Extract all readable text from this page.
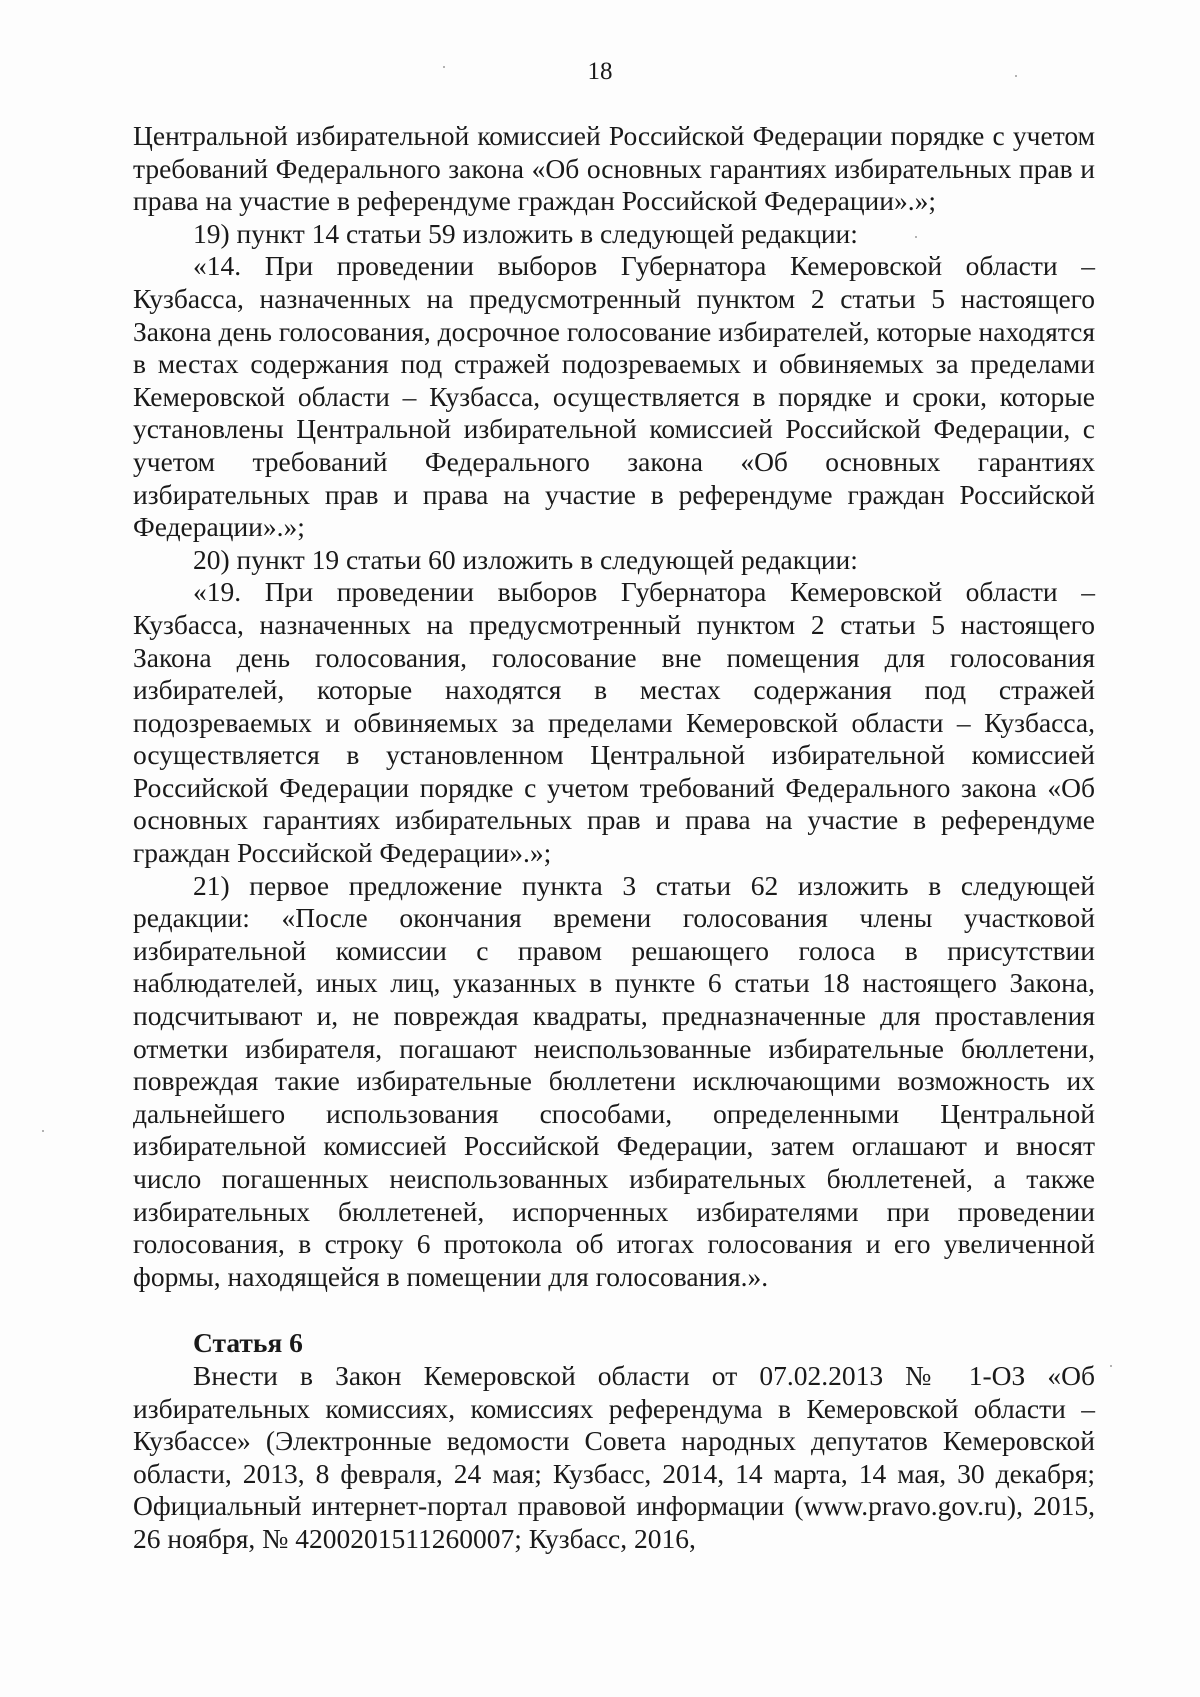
18

Центральной избирательной комиссией Российской Федерации порядке с учетом требований Федерального закона «Об основных гарантиях избирательных прав и права на участие в референдуме граждан Российской Федерации».»;

19) пункт 14 статьи 59 изложить в следующей редакции:

«14. При проведении выборов Губернатора Кемеровской области – Кузбасса, назначенных на предусмотренный пунктом 2 статьи 5 настоящего Закона день голосования, досрочное голосование избирателей, которые находятся в местах содержания под стражей подозреваемых и обвиняемых за пределами Кемеровской области – Кузбасса, осуществляется в порядке и сроки, которые установлены Центральной избирательной комиссией Российской Федерации, с учетом требований Федерального закона «Об основных гарантиях избирательных прав и права на участие в референдуме граждан Российской Федерации».»;

20) пункт 19 статьи 60 изложить в следующей редакции:

«19. При проведении выборов Губернатора Кемеровской области – Кузбасса, назначенных на предусмотренный пунктом 2 статьи 5 настоящего Закона день голосования, голосование вне помещения для голосования избирателей, которые находятся в местах содержания под стражей подозреваемых и обвиняемых за пределами Кемеровской области – Кузбасса, осуществляется в установленном Центральной избирательной комиссией Российской Федерации порядке с учетом требований Федерального закона «Об основных гарантиях избирательных прав и права на участие в референдуме граждан Российской Федерации».»;

21) первое предложение пункта 3 статьи 62 изложить в следующей редакции: «После окончания времени голосования члены участковой избирательной комиссии с правом решающего голоса в присутствии наблюдателей, иных лиц, указанных в пункте 6 статьи 18 настоящего Закона, подсчитывают и, не повреждая квадраты, предназначенные для проставления отметки избирателя, погашают неиспользованные избирательные бюллетени, повреждая такие избирательные бюллетени исключающими возможность их дальнейшего использования способами, определенными Центральной избирательной комиссией Российской Федерации, затем оглашают и вносят число погашенных неиспользованных избирательных бюллетеней, а также избирательных бюллетеней, испорченных избирателями при проведении голосования, в строку 6 протокола об итогах голосования и его увеличенной формы, находящейся в помещении для голосования.».

Статья 6

Внести в Закон Кемеровской области от 07.02.2013 № 1-ОЗ «Об избирательных комиссиях, комиссиях референдума в Кемеровской области – Кузбассе» (Электронные ведомости Совета народных депутатов Кемеровской области, 2013, 8 февраля, 24 мая; Кузбасс, 2014, 14 марта, 14 мая, 30 декабря; Официальный интернет-портал правовой информации (www.pravo.gov.ru), 2015, 26 ноября, № 4200201511260007; Кузбасс, 2016,
